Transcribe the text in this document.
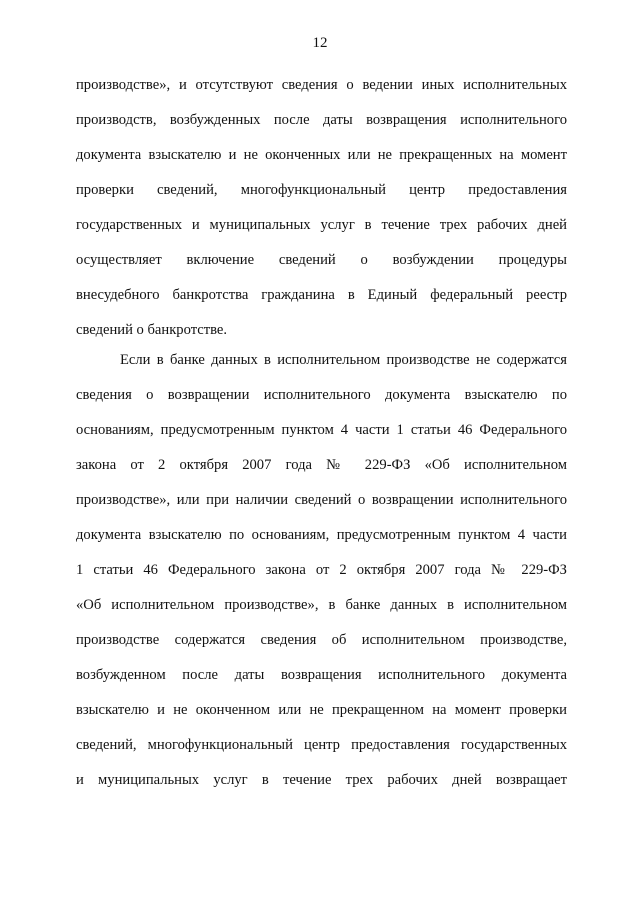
12
производстве», и отсутствуют сведения о ведении иных исполнительных
производств, возбужденных после даты возвращения исполнительного
документа взыскателю и не оконченных или не прекращенных на момент
проверки сведений, многофункциональный центр предоставления
государственных и муниципальных услуг в течение трех рабочих дней
осуществляет включение сведений о возбуждении процедуры
внесудебного банкротства гражданина в Единый федеральный реестр
сведений о банкротстве.
Если в банке данных в исполнительном производстве не содержатся
сведения о возвращении исполнительного документа взыскателю по
основаниям, предусмотренным пунктом 4 части 1 статьи 46 Федерального
закона от 2 октября 2007 года № 229-ФЗ «Об исполнительном
производстве», или при наличии сведений о возвращении исполнительного
документа взыскателю по основаниям, предусмотренным пунктом 4 части
1 статьи 46 Федерального закона от 2 октября 2007 года № 229-ФЗ
«Об исполнительном производстве», в банке данных в исполнительном
производстве содержатся сведения об исполнительном производстве,
возбужденном после даты возвращения исполнительного документа
взыскателю и не оконченном или не прекращенном на момент проверки
сведений, многофункциональный центр предоставления государственных
и муниципальных услуг в течение трех рабочих дней возвращает
